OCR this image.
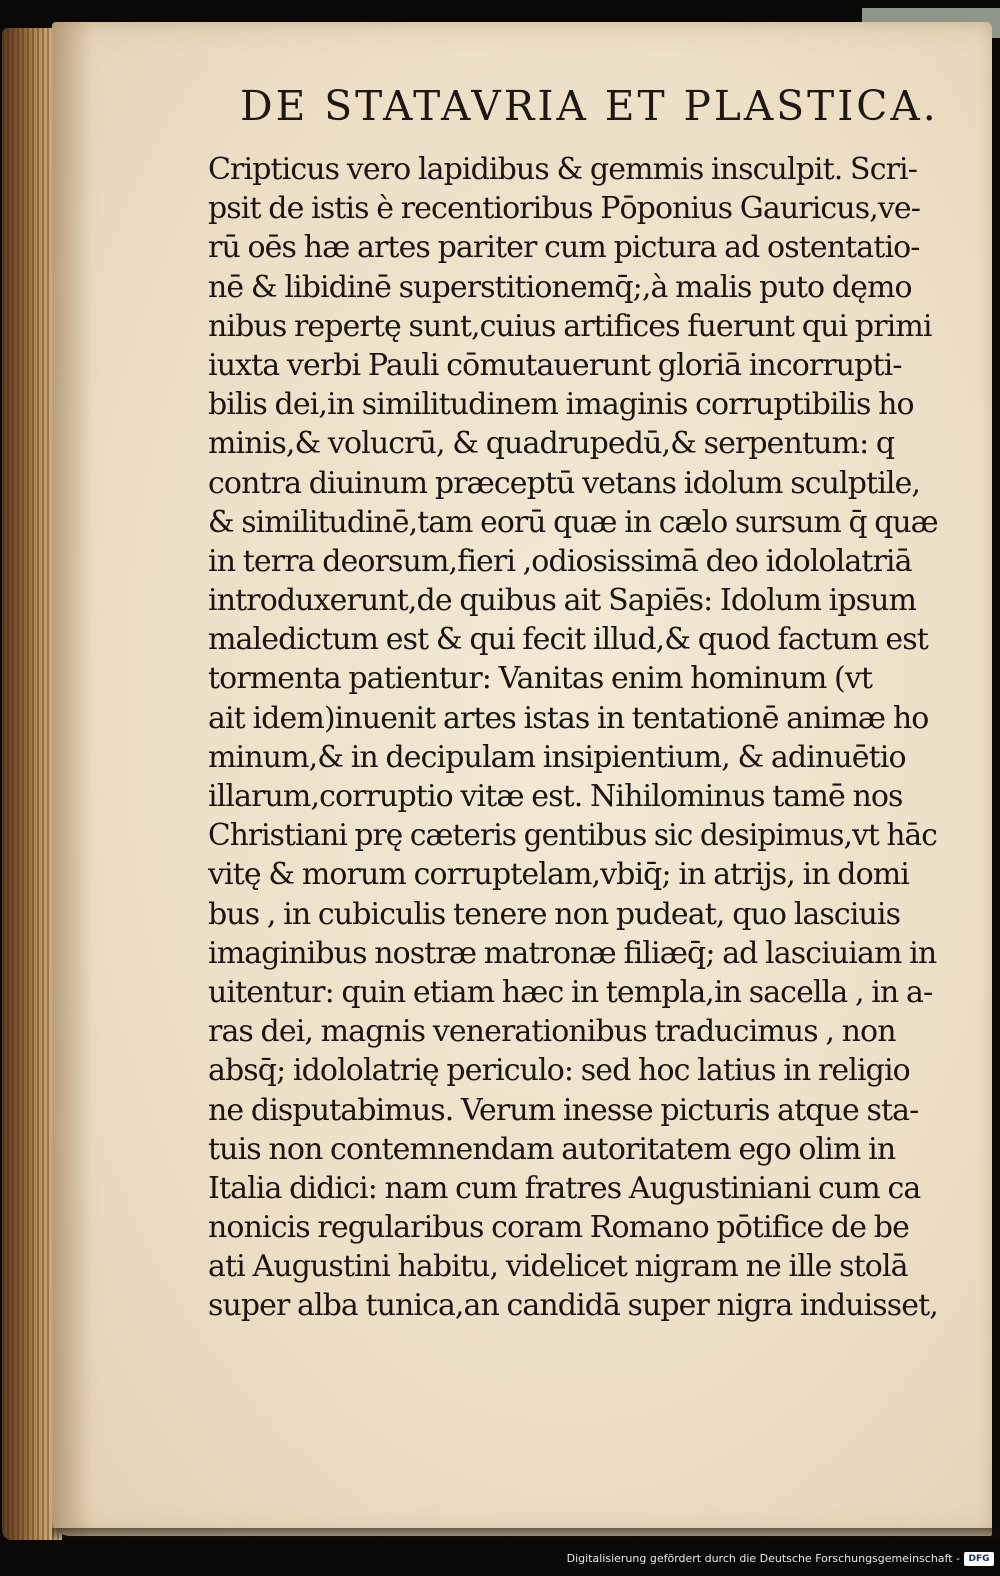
DE STATAVRIA ET PLASTICA.
Cripticus vero lapidibus & gemmis insculpit. Scri-
psit de istis è recentioribus Pōponius Gauricus,ve-
rū oēs hæ artes pariter cum pictura ad ostentatio-
nē & libidinē superstitionemq̄;,à malis puto dęmo
nibus repertę sunt,cuius artifices fuerunt qui primi
iuxta verbi Pauli cōmutauerunt gloriā incorrupti-
bilis dei,in similitudinem imaginis corruptibilis ho
minis,& volucrū, & quadrupedū,& serpentum: q
contra diuinum præceptū vetans idolum sculptile,
& similitudinē,tam eorū quæ in cælo sursum q̄ quæ
in terra deorsum,fieri ,odiosissimā deo idololatriā
introduxerunt,de quibus ait Sapiēs: Idolum ipsum
maledictum est & qui fecit illud,& quod factum est
tormenta patientur: Vanitas enim hominum (vt
ait idem)inuenit artes istas in tentationē animæ ho
minum,& in decipulam insipientium, & adinuētio
illarum,corruptio vitæ est. Nihilominus tamē nos
Christiani prę cæteris gentibus sic desipimus,vt hāc
vitę & morum corruptelam,vbiq̄; in atrijs, in domi
bus , in cubiculis tenere non pudeat, quo lasciuis
imaginibus nostræ matronæ filiæq̄; ad lasciuiam in
uitentur: quin etiam hæc in templa,in sacella , in a-
ras dei, magnis venerationibus traducimus , non
absq̄; idololatrię periculo: sed hoc latius in religio
ne disputabimus. Verum inesse picturis atque sta-
tuis non contemnendam autoritatem ego olim in
Italia didici: nam cum fratres Augustiniani cum ca
nonicis regularibus coram Romano pōtifice de be
ati Augustini habitu, videlicet nigram ne ille stolā
super alba tunica,an candidā super nigra induisset,
Digitalisierung gefördert durch die Deutsche Forschungsgemeinschaft - DFG
